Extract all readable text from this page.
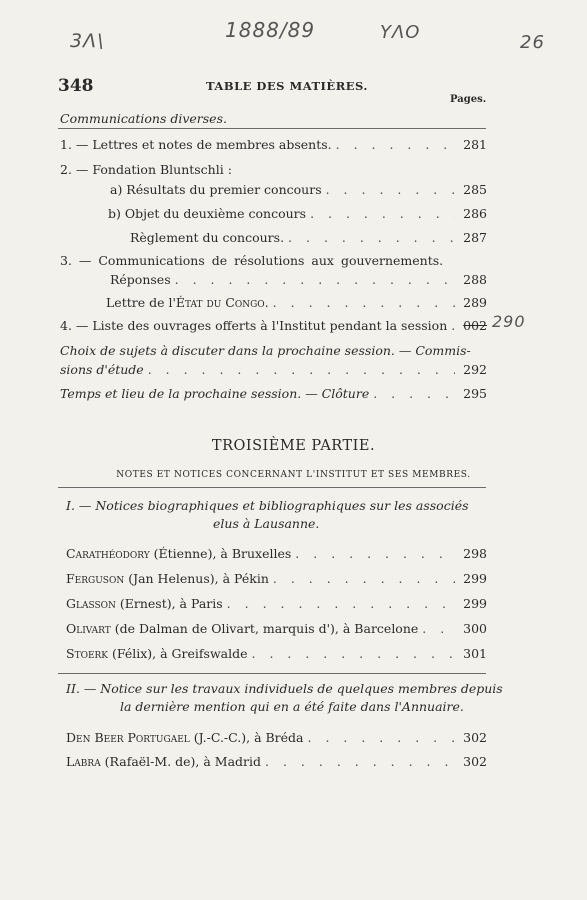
3Λ\	1888/89	ΥΛΟ	26
348	TABLE DES MATIÈRES.
Pages.
Communications diverses.
1. — Lettres et notes de membres absents. . . .	281
2. — Fondation Bluntschli :
a) Résultats du premier concours . . .	285
b) Objet du deuxième concours . . .	286
Règlement du concours. . . .	287
3. — Communications de résolutions aux gouvernements.
Réponses . . .	288
Lettre de l'État du Congo. . . .	289
4. — Liste des ouvrages offerts à l'Institut pendant la session . . .	002 290
Choix de sujets à discuter dans la prochaine session. — Commis-
sions d'étude . . .	292
Temps et lieu de la prochaine session. — Clôture . . .	295
TROISIÈME PARTIE.
NOTES ET NOTICES CONCERNANT L'INSTITUT ET SES MEMBRES.
I. — Notices biographiques et bibliographiques sur les associés
elus à Lausanne.
Carathéodory (Étienne), à Bruxelles . . .	298
Ferguson (Jan Helenus), à Pékin . . .	299
Glasson (Ernest), à Paris . . .	299
Olivart (de Dalman de Olivart, marquis d'), à Barcelone . . .	300
Stoerk (Félix), à Greifswalde . . .	301
II. — Notice sur les travaux individuels de quelques membres depuis
la dernière mention qui en a été faite dans l'Annuaire.
Den Beer Portugael (J.-C.-C.), à Bréda . . .	302
Labra (Rafaël-M. de), à Madrid . . .	302
